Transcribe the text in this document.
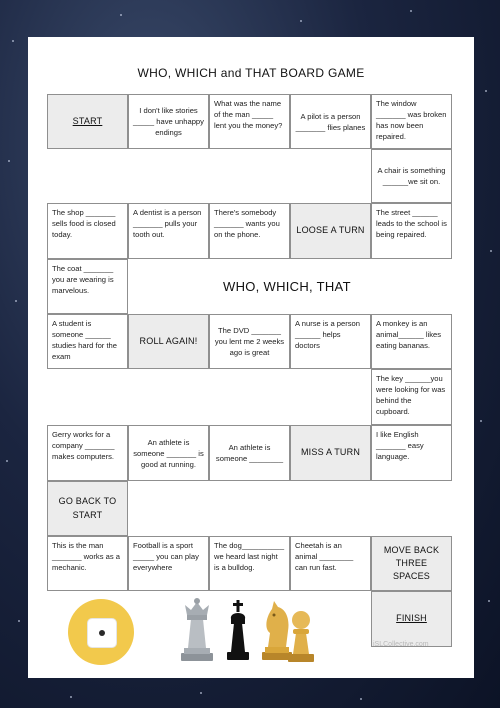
WHO, WHICH and THAT BOARD GAME
START
I don't like stories _____ have unhappy endings
What was the name of the man _____ lent you the money?
A pilot is a person _______ flies planes
The window _______ was broken has now been repaired.
A chair is something ______we sit on.
The street ______ leads to the school is being repaired.
LOOSE A TURN
There's somebody _______ wants you on the phone.
A dentist is a person _______ pulls your tooth out.
The shop _______ sells food is closed today.
The coat _______ you are wearing is marvelous.	WHO, WHICH, THAT
A student is someone ______ studies hard for the exam
ROLL AGAIN!
The DVD _______ you lent me 2 weeks ago is great
A nurse is a person ______ helps doctors
A monkey is an animal______ likes eating bananas.
The key ______you were looking for was behind the cupboard.
I like English _______ easy language.
MISS A TURN
An athlete is someone ________
An athlete is someone _______ is good at running.
Gerry works for a company _______ makes computers.
GO BACK TO START
This is the man _______ works as a mechanic.
Football is a sport _____ you can play everywhere
The dog__________ we heard last night is a bulldog.
Cheetah is an animal ________ can run fast.
MOVE BACK THREE SPACES
FINISH
iSLCollective.com
